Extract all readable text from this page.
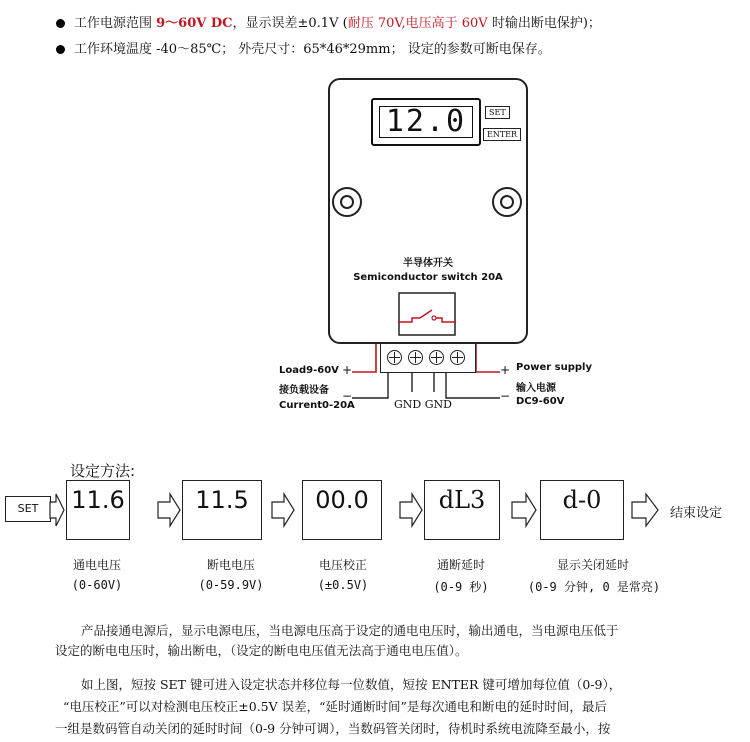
工作电源范围 9～60V DC，显示误差±0.1V (耐压 70V,电压高于 60V 时输出断电保护)；
工作环境温度 -40～85℃； 外壳尺寸：65*46*29mm； 设定的参数可断电保存。
12.0	SET
ENTER
半导体开关
Semiconductor switch 20A
Load9-60V
接负载设备
Current0-20A
+
−
+
−
Power supply
输入电源
DC9-60V
GND GND
设定方法:
SET	11.6	11.5	00.0	dL3	d-0	结束设定
通电电压
(0-60V)
断电电压
(0-59.9V)
电压校正
(±0.5V)
通断延时
(0-9 秒)
显示关闭延时
(0-9 分钟, 0 是常亮)
产品接通电源后，显示电源电压，当电源电压高于设定的通电电压时，输出通电，当电源电压低于
设定的断电电压时，输出断电，（设定的断电电压值无法高于通电电压值）。
如上图，短按 SET 键可进入设定状态并移位每一位数值，短按 ENTER 键可增加每位值（0-9），
“电压校正”可以对检测电压校正±0.5V 误差，“延时通断时间”是每次通电和断电的延时时间，最后
一组是数码管自动关闭的延时时间（0-9 分钟可调），当数码管关闭时，待机时系统电流降至最小，按
